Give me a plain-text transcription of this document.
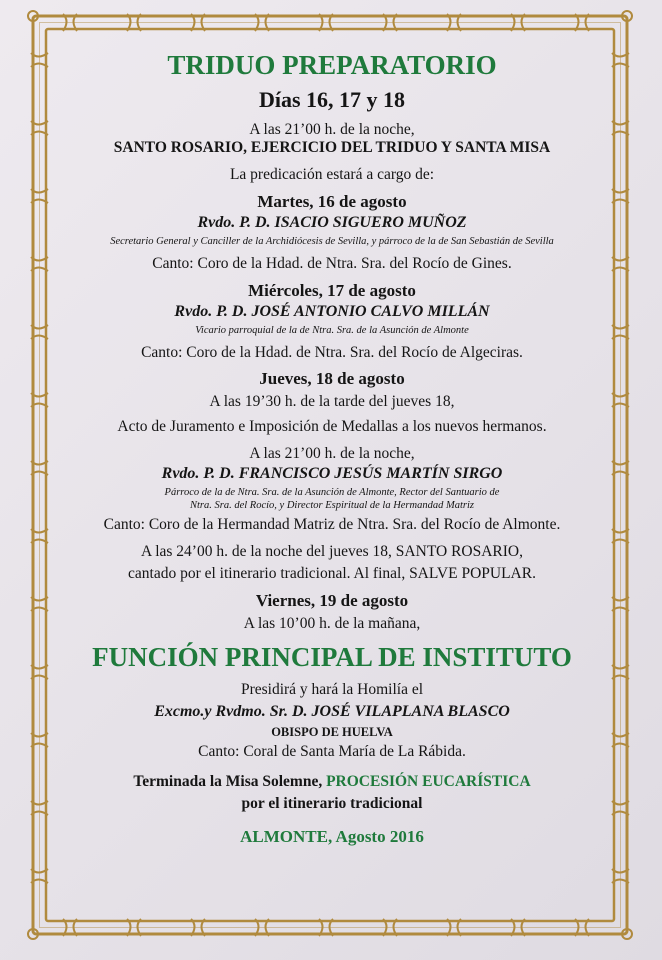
TRIDUO PREPARATORIO

Días 16, 17 y 18

A las 21’00 h. de la noche,

SANTO ROSARIO, EJERCICIO DEL TRIDUO Y SANTA MISA

La predicación estará a cargo de:

Martes, 16 de agosto

Rvdo. P. D. ISACIO SIGUERO MUÑOZ

Secretario General y Canciller de la Archidiócesis de Sevilla, y párroco de la de San Sebastián de Sevilla

Canto: Coro de la Hdad. de Ntra. Sra. del Rocío de Gines.

Miércoles, 17 de agosto

Rvdo. P. D. JOSÉ ANTONIO CALVO MILLÁN

Vicario parroquial de la de Ntra. Sra. de la Asunción de Almonte

Canto: Coro de la Hdad. de Ntra. Sra. del Rocío de Algeciras.

Jueves, 18 de agosto

A las 19’30 h. de la tarde del jueves 18,

Acto de Juramento e Imposición de Medallas a los nuevos hermanos.

A las 21’00 h. de la noche,

Rvdo. P. D. FRANCISCO JESÚS MARTÍN SIRGO

Párroco de la de Ntra. Sra. de la Asunción de Almonte, Rector del Santuario de

Ntra. Sra. del Rocío, y Director Espiritual de la Hermandad Matriz

Canto: Coro de la Hermandad Matriz de Ntra. Sra. del Rocío de Almonte.

A las 24’00 h. de la noche del jueves 18, SANTO ROSARIO,

cantado por el itinerario tradicional. Al final, SALVE POPULAR.

Viernes, 19 de agosto

A las 10’00 h. de la mañana,

FUNCIÓN PRINCIPAL DE INSTITUTO

Presidirá y hará la Homilía el

Excmo.y Rvdmo. Sr. D. JOSÉ VILAPLANA BLASCO

OBISPO DE HUELVA

Canto: Coral de Santa María de La Rábida.

Terminada la Misa Solemne, PROCESIÓN EUCARÍSTICA

por el itinerario tradicional

ALMONTE, Agosto 2016
